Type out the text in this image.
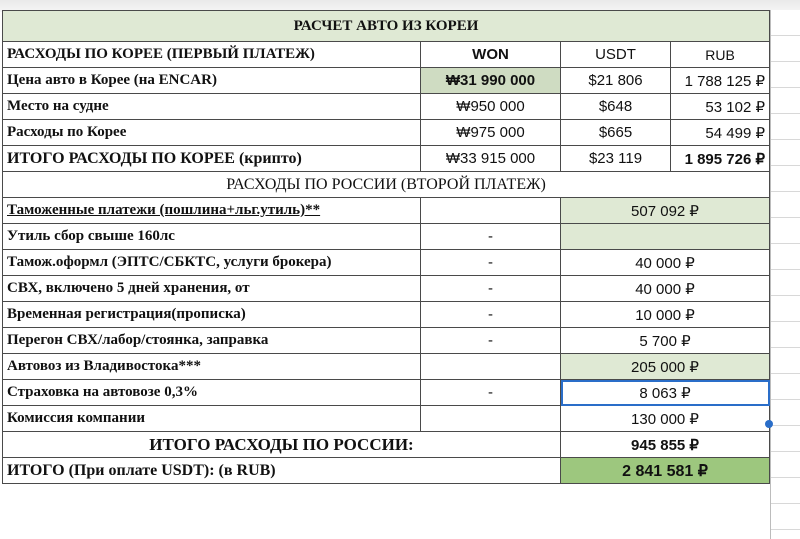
РАСЧЕТ АВТО ИЗ КОРЕИ			
РАСХОДЫ ПО КОРЕЕ (ПЕРВЫЙ ПЛАТЕЖ)	WON	USDT	RUB
Цена авто в Корее (на ENCAR)	₩31 990 000	$21 806	1 788 125 ₽
Место на судне	₩950 000	$648	53 102 ₽
Расходы по Корее	₩975 000	$665	54 499 ₽
ИТОГО РАСХОДЫ ПО КОРЕЕ (крипто)	₩33 915 000	$23 119	1 895 726 ₽
РАСХОДЫ ПО РОССИИ (ВТОРОЙ ПЛАТЕЖ)			
Таможенные платежи (пошлина+льг.утиль)**		507 092 ₽	
Утиль сбор свыше 160лс	-		
Тамож.оформл (ЭПТС/СБКТС, услуги брокера)	-	40 000 ₽	
СВХ, включено 5 дней хранения, от	-	40 000 ₽	
Временная регистрация(прописка)	-	10 000 ₽	
Перегон СВХ/лабор/стоянка, заправка	-	5 700 ₽	
Автовоз из Владивостока***		205 000 ₽	
Страховка на автовозе 0,3%	-	8 063 ₽	
Комиссия компании		130 000 ₽	
ИТОГО РАСХОДЫ ПО РОССИИ:		945 855 ₽	
ИТОГО (При оплате USDT): (в RUB)		2 841 581 ₽	
